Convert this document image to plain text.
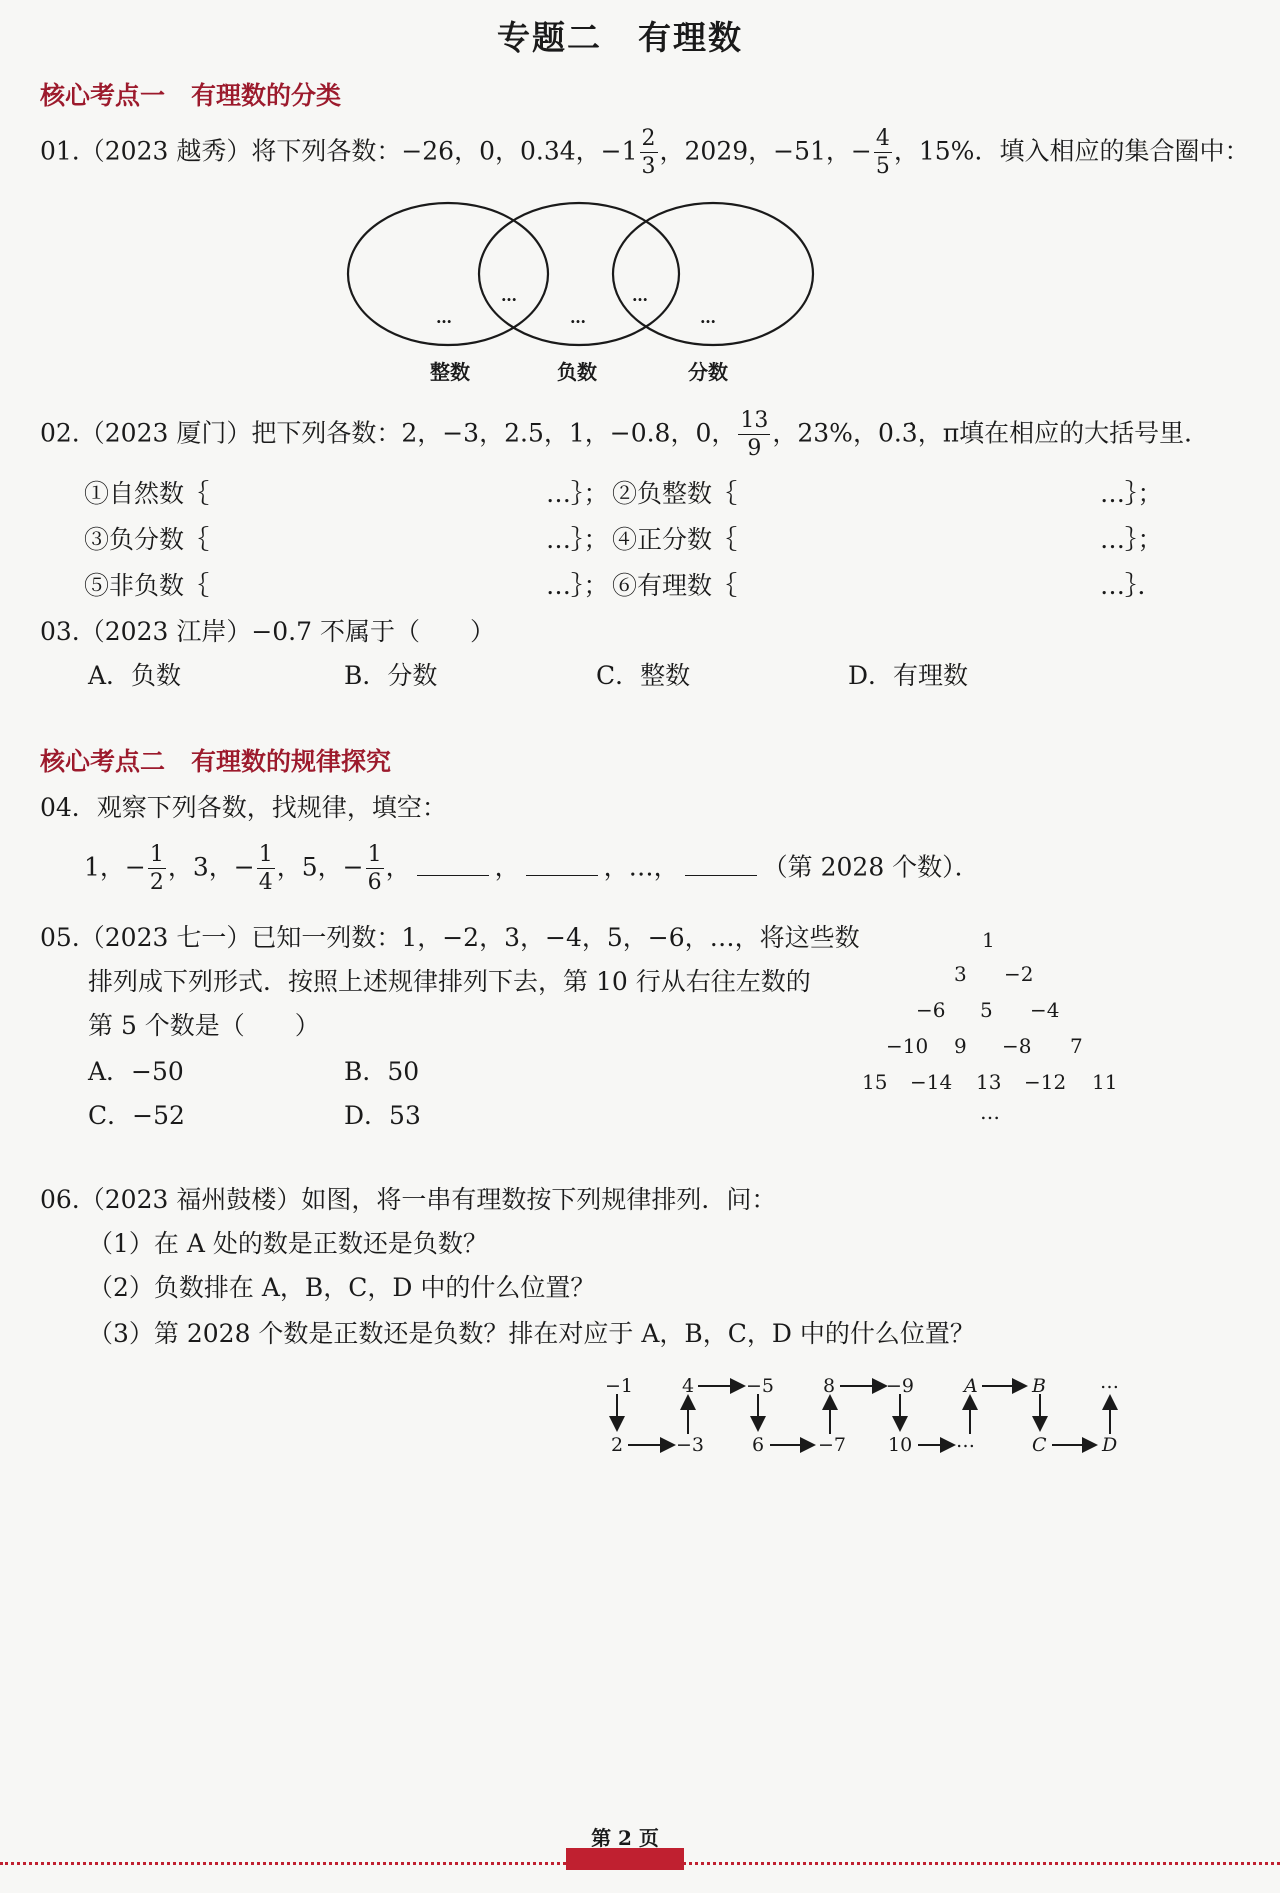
专题二 有理数
核心考点一 有理数的分类
01.（2023 越秀）将下列各数：−26，0，0.34，$-1 \frac{2}{3}$ ，2029，−51，− $\frac{4}{5}$ ，15%．填入相应的集合圈中：
…
…
…
…
…
整数	负数	分数
02.（2023 厦门）把下列各数：2，−3，2.5，1，−0.8，0， $\frac{13}{9}$ ，23%，0.3̇，π填在相应的大括号里．
①自然数｛	…｝； ②负整数｛	…｝；
③负分数｛	…｝； ④正分数｛	…｝；
⑤非负数｛	…｝； ⑥有理数｛	…｝．
03.（2023 江岸）−0.7 不属于（　　）
A．负数	B．分数	C．整数	D．有理数
核心考点二 有理数的规律探究
04．观察下列各数，找规律，填空：
1，− $\frac{1}{2}$ ，3，− $\frac{1}{4}$ ，5，− $\frac{1}{6}$ ，	，	，…，	（第 2028 个数）．
05.（2023 七一）已知一列数：1，−2，3，−4，5，−6，…，将这些数
排列成下列形式．按照上述规律排列下去，第 10 行从右往左数的
第 5 个数是（　　）
A．−50	B．50
C．−52	D．53
1
3 −2
−6 5 −4
−10 9 −8 7
15 −14 13 −12 11
…
06.（2023 福州鼓楼）如图，将一串有理数按下列规律排列．问：
（1）在 A 处的数是正数还是负数？
（2）负数排在 A，B，C，D 中的什么位置？
（3）第 2028 个数是正数还是负数？排在对应于 A，B，C，D 中的什么位置？
−1	4	−5	8	−9	A	B	…
2	−3	6	−7 10 …	C	D
第 2 页
